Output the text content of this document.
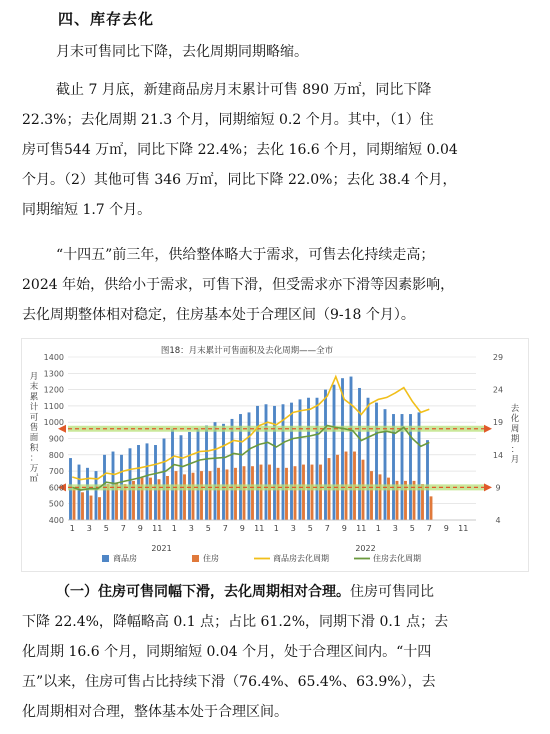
四、库存去化
月末可售同比下降，去化周期同期略缩。
截止 7 月底，新建商品房月末累计可售 890 万㎡，同比下降
22.3%；去化周期 21.3 个月，同期缩短 0.2 个月。其中，（1）住
房可售544 万㎡，同比下降 22.4%；去化 16.6 个月，同期缩短 0.04
个月。（2）其他可售 346 万㎡，同比下降 22.0%；去化 38.4 个月，
同期缩短 1.7 个月。
“十四五”前三年，供给整体略大于需求，可售去化持续走高；
2024 年始，供给小于需求，可售下滑，但受需求亦下滑等因素影响，
去化周期整体相对稳定，住房基本处于合理区间（9-18 个月）。
图18：月末累计可售面积及去化周期——全市
400
500
600
700
800
900
1000
1100
1200
1300
1400
4
9
14
19
24
29
1 3 5 7 9 11 1 3 5 7 9 11 1 3 5 7 9 11 1 3 5 7 9 11
2021	2022
月
末
累
计
可
售
面
积
：
万
㎡
去
化
周
期
：
月
商品房	住房	商品房去化周期	住房去化周期
（一）住房可售同幅下滑，去化周期相对合理。住房可售同比
下降 22.4%，降幅略高 0.1 点；占比 61.2%，同期下滑 0.1 点；去
化周期 16.6 个月，同期缩短 0.04 个月，处于合理区间内。“十四
五”以来，住房可售占比持续下滑（76.4%、65.4%、63.9%），去
化周期相对合理，整体基本处于合理区间。
